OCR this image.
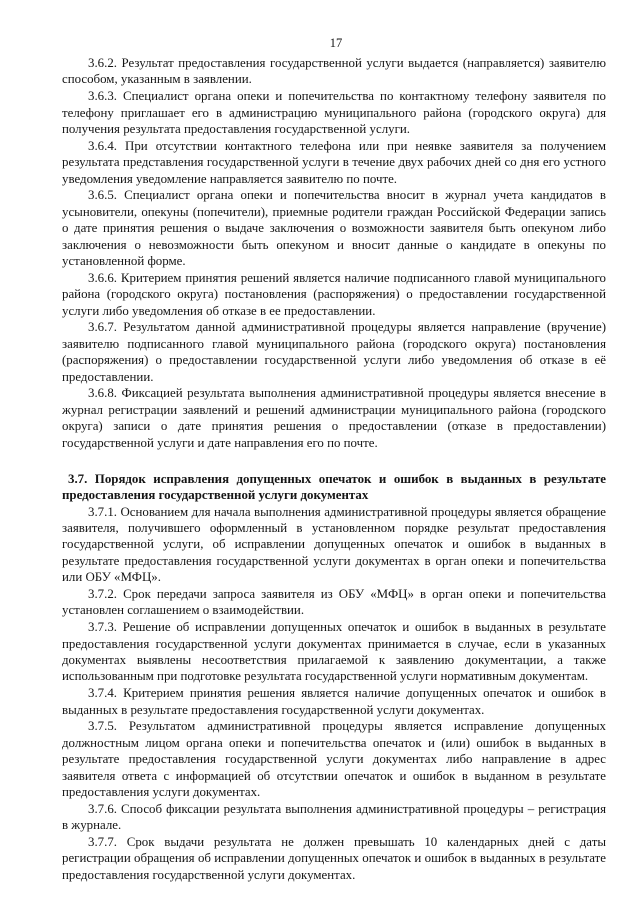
17

3.6.2. Результат предоставления государственной услуги выдается (направляется) заявителю способом, указанным в заявлении.

3.6.3. Специалист органа опеки и попечительства по контактному телефону заявителя по телефону приглашает его в администрацию муниципального района (городского округа) для получения результата предоставления государственной услуги.

3.6.4. При отсутствии контактного телефона или при неявке заявителя за получением результата представления государственной услуги в течение двух рабочих дней со дня его устного уведомления уведомление направляется заявителю по почте.

3.6.5. Специалист органа опеки и попечительства вносит в журнал учета кандидатов в усыновители, опекуны (попечители), приемные родители граждан Российской Федерации запись о дате принятия решения о выдаче заключения о возможности заявителя быть опекуном либо заключения о невозможности быть опекуном и вносит данные о кандидате в опекуны по установленной форме.

3.6.6. Критерием принятия решений является наличие подписанного главой муниципального района (городского округа) постановления (распоряжения) о предоставлении государственной услуги либо уведомления об отказе в ее предоставлении.

3.6.7. Результатом данной административной процедуры является направление (вручение) заявителю подписанного главой муниципального района (городского округа) постановления (распоряжения) о предоставлении государственной услуги либо уведомления об отказе в её предоставлении.

3.6.8. Фиксацией результата выполнения административной процедуры является внесение в журнал регистрации заявлений и решений администрации муниципального района (городского округа) записи о дате принятия решения о предоставлении (отказе в предоставлении) государственной услуги и дате направления его по почте.

3.7. Порядок исправления допущенных опечаток и ошибок в выданных в результате предоставления государственной услуги документах

3.7.1. Основанием для начала выполнения административной процедуры является обращение заявителя, получившего оформленный в установленном порядке результат предоставления государственной услуги, об исправлении допущенных опечаток и ошибок в выданных в результате предоставления государственной услуги документах в орган опеки и попечительства или ОБУ «МФЦ».

3.7.2. Срок передачи запроса заявителя из ОБУ «МФЦ» в орган опеки и попечительства установлен соглашением о взаимодействии.

3.7.3. Решение об исправлении допущенных опечаток и ошибок в выданных в результате предоставления государственной услуги документах принимается в случае, если в указанных документах выявлены несоответствия прилагаемой к заявлению документации, а также использованным при подготовке результата государственной услуги нормативным документам.

3.7.4. Критерием принятия решения является наличие допущенных опечаток и ошибок в выданных в результате предоставления государственной услуги документах.

3.7.5. Результатом административной процедуры является исправление допущенных должностным лицом органа опеки и попечительства опечаток и (или) ошибок в выданных в результате предоставления государственной услуги документах либо направление в адрес заявителя ответа с информацией об отсутствии опечаток и ошибок в выданном в результате предоставления услуги документах.

3.7.6. Способ фиксации результата выполнения административной процедуры – регистрация в журнале.

3.7.7. Срок выдачи результата не должен превышать 10 календарных дней с даты регистрации обращения об исправлении допущенных опечаток и ошибок в выданных в результате предоставления государственной услуги документах.
